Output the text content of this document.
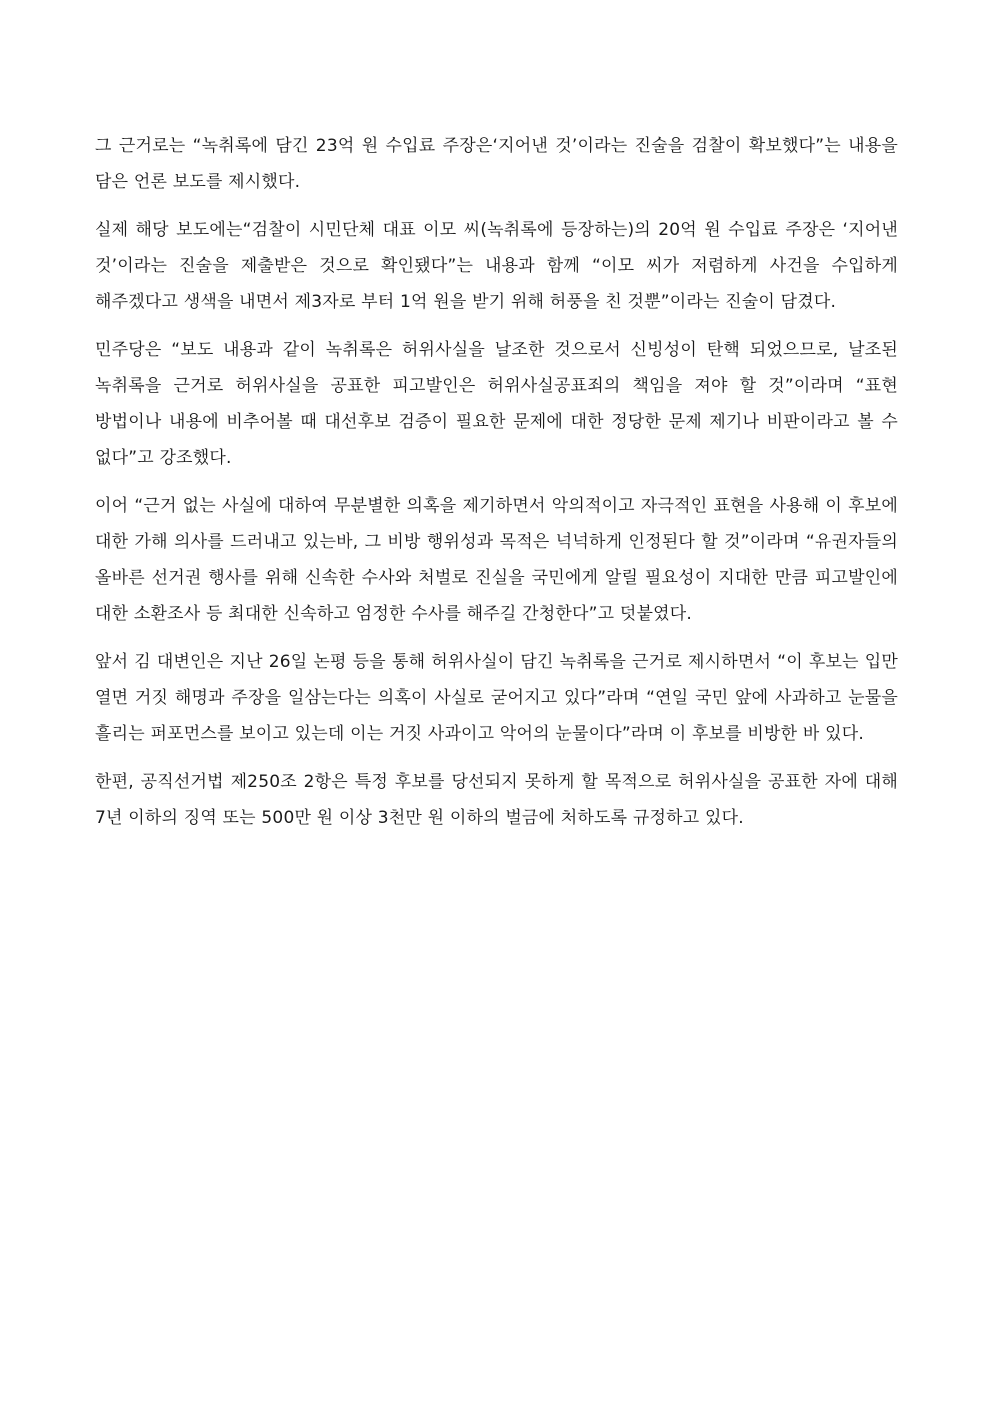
그 근거로는 “녹취록에 담긴 23억 원 수입료 주장은‘지어낸 것’이라는 진술을 검찰이 확보했다”는 내용을 담은 언론 보도를 제시했다.

실제 해당 보도에는“검찰이 시민단체 대표 이모 씨(녹취록에 등장하는)의 20억 원 수입료 주장은 ‘지어낸 것’이라는 진술을 제출받은 것으로 확인됐다”는 내용과 함께 “이모 씨가 저렴하게 사건을 수입하게 해주겠다고 생색을 내면서 제3자로 부터 1억 원을 받기 위해 허풍을 친 것뿐”이라는 진술이 담겼다.

민주당은 “보도 내용과 같이 녹취록은 허위사실을 날조한 것으로서 신빙성이 탄핵 되었으므로, 날조된 녹취록을 근거로 허위사실을 공표한 피고발인은 허위사실공표죄의 책임을 져야 할 것”이라며 “표현 방법이나 내용에 비추어볼 때 대선후보 검증이 필요한 문제에 대한 정당한 문제 제기나 비판이라고 볼 수 없다”고 강조했다.

이어 “근거 없는 사실에 대하여 무분별한 의혹을 제기하면서 악의적이고 자극적인 표현을 사용해 이 후보에 대한 가해 의사를 드러내고 있는바, 그 비방 행위성과 목적은 넉넉하게 인정된다 할 것”이라며 “유권자들의 올바른 선거권 행사를 위해 신속한 수사와 처벌로 진실을 국민에게 알릴 필요성이 지대한 만큼 피고발인에 대한 소환조사 등 최대한 신속하고 엄정한 수사를 해주길 간청한다”고 덧붙였다.

앞서 김 대변인은 지난 26일 논평 등을 통해 허위사실이 담긴 녹취록을 근거로 제시하면서 “이 후보는 입만 열면 거짓 해명과 주장을 일삼는다는 의혹이 사실로 굳어지고 있다”라며 “연일 국민 앞에 사과하고 눈물을 흘리는 퍼포먼스를 보이고 있는데 이는 거짓 사과이고 악어의 눈물이다”라며 이 후보를 비방한 바 있다.

한편, 공직선거법 제250조 2항은 특정 후보를 당선되지 못하게 할 목적으로 허위사실을 공표한 자에 대해 7년 이하의 징역 또는 500만 원 이상 3천만 원 이하의 벌금에 처하도록 규정하고 있다.
